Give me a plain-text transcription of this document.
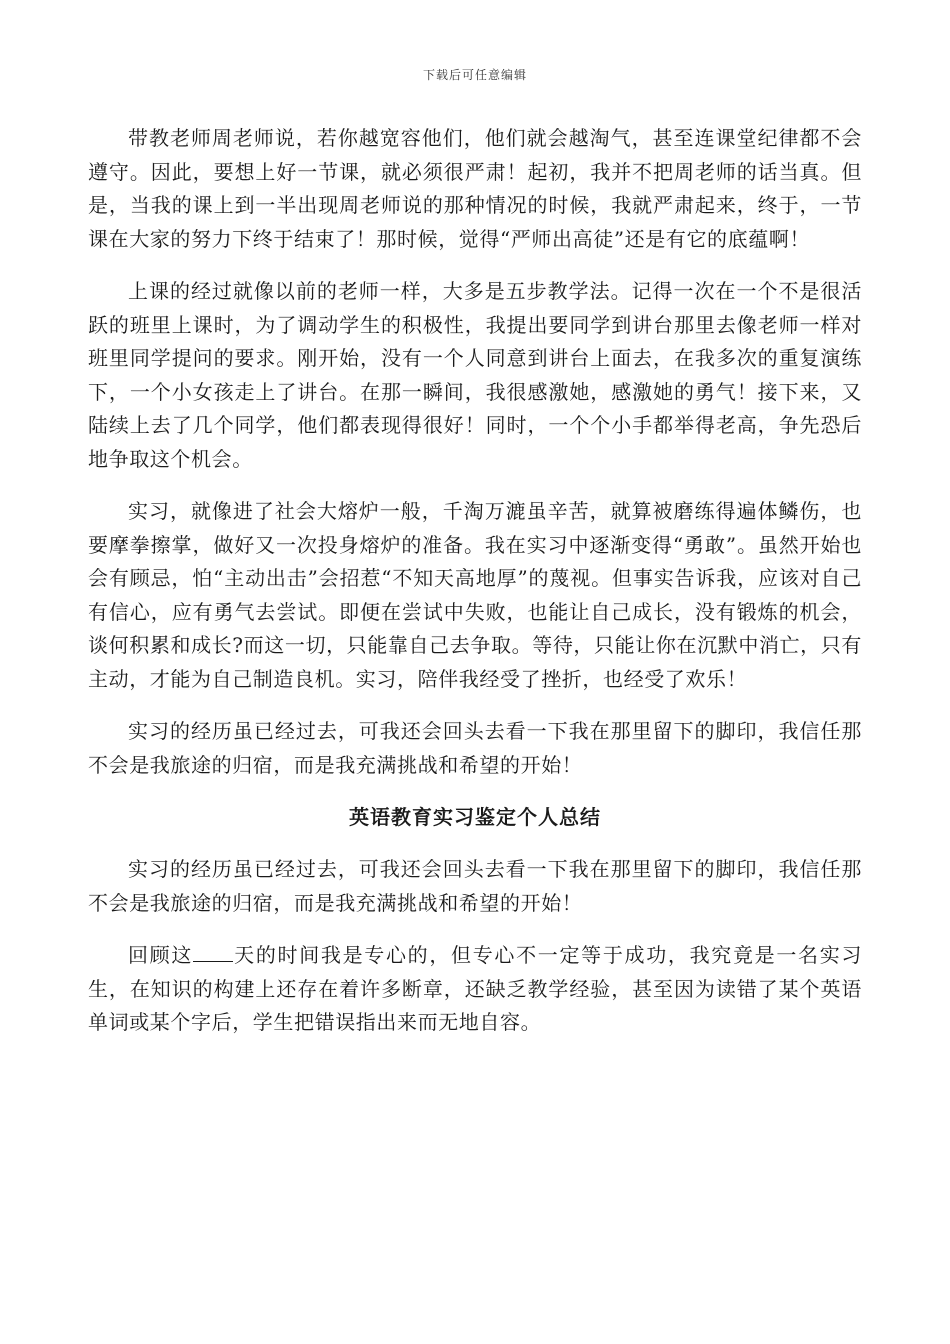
下载后可任意编辑

带教老师周老师说，若你越宽容他们，他们就会越淘气，甚至连课堂纪律都不会遵守。因此，要想上好一节课，就必须很严肃！起初，我并不把周老师的话当真。但是，当我的课上到一半出现周老师说的那种情况的时候，我就严肃起来，终于，一节课在大家的努力下终于结束了！那时候，觉得“严师出高徒”还是有它的底蕴啊！

上课的经过就像以前的老师一样，大多是五步教学法。记得一次在一个不是很活跃的班里上课时，为了调动学生的积极性，我提出要同学到讲台那里去像老师一样对班里同学提问的要求。刚开始，没有一个人同意到讲台上面去，在我多次的重复演练下，一个小女孩走上了讲台。在那一瞬间，我很感激她，感激她的勇气！接下来，又陆续上去了几个同学，他们都表现得很好！同时，一个个小手都举得老高，争先恐后地争取这个机会。

实习，就像进了社会大熔炉一般，千淘万漉虽辛苦，就算被磨练得遍体鳞伤，也要摩拳擦掌，做好又一次投身熔炉的准备。我在实习中逐渐变得“勇敢”。虽然开始也会有顾忌，怕“主动出击”会招惹“不知天高地厚”的蔑视。但事实告诉我，应该对自己有信心，应有勇气去尝试。即便在尝试中失败，也能让自己成长，没有锻炼的机会，谈何积累和成长?而这一切，只能靠自己去争取。等待，只能让你在沉默中消亡，只有主动，才能为自己制造良机。实习，陪伴我经受了挫折，也经受了欢乐！

实习的经历虽已经过去，可我还会回头去看一下我在那里留下的脚印，我信任那不会是我旅途的归宿，而是我充满挑战和希望的开始！

英语教育实习鉴定个人总结

实习的经历虽已经过去，可我还会回头去看一下我在那里留下的脚印，我信任那不会是我旅途的归宿，而是我充满挑战和希望的开始！

回顾这 天的时间我是专心的，但专心不一定等于成功，我究竟是一名实习生，在知识的构建上还存在着许多断章，还缺乏教学经验，甚至因为读错了某个英语单词或某个字后，学生把错误指出来而无地自容。
